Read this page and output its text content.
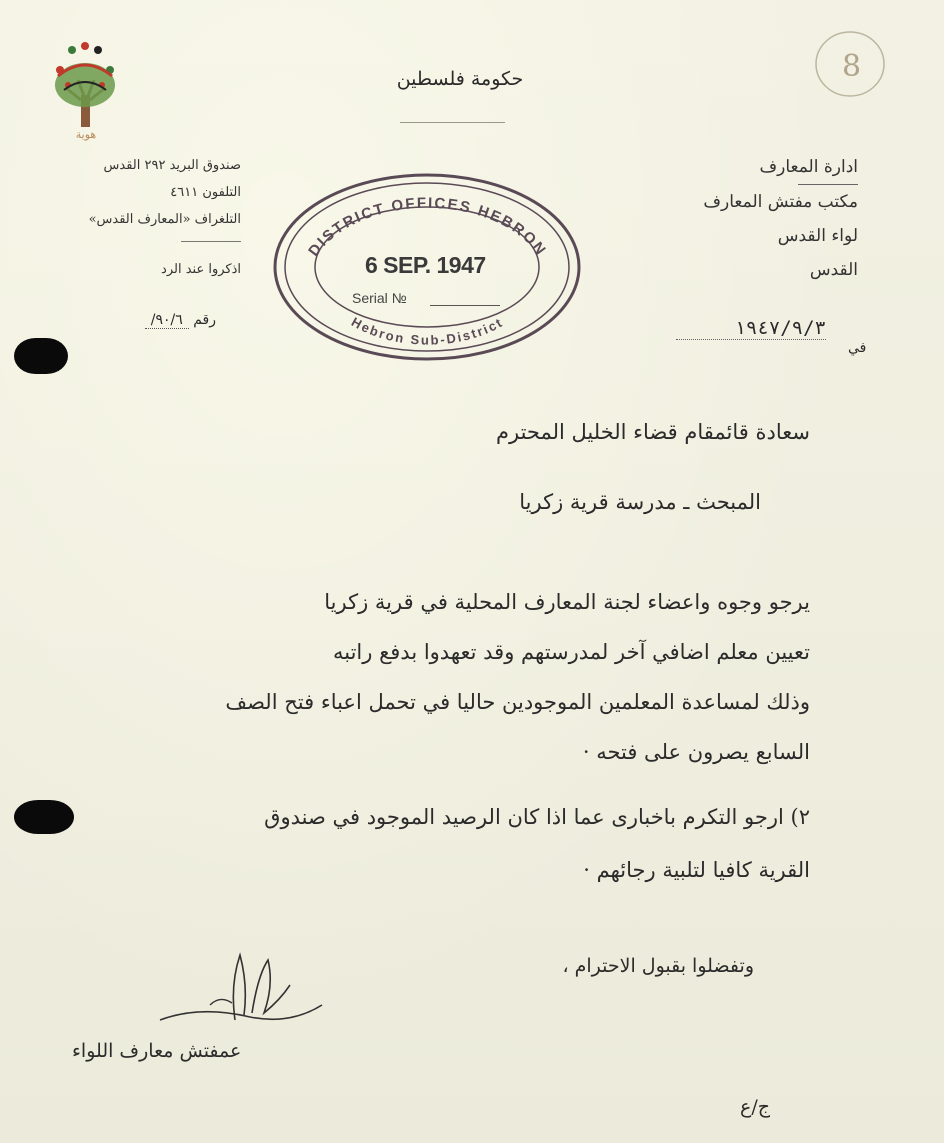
8
هوية
حكومة فلسطين
ادارة المعارف
مكتب مفتش المعارف
لواء القدس
القدس
١٩٤٧/٩/٣
في
صندوق البريد ٢٩٢ القدس
التلفون ٤٦١١
التلغراف «المعارف القدس»
اذكروا عند الرد
رقم ٩٠/٦/
DISTRICT OFFICES HEBRON
Hebron Sub-District
6 SEP. 1947
Serial №
سعادة قائمقام قضاء الخليل المحترم
المبحث ـ مدرسة قرية زكريا
يرجو وجوه واعضاء لجنة المعارف المحلية في قرية زكريا
تعيين معلم اضافي آخر لمدرستهم وقد تعهدوا بدفع راتبه
وذلك لمساعدة المعلمين الموجودين حاليا في تحمل اعباء فتح الصف
السابع يصرون على فتحه ·
٢) ارجو التكرم باخبارى عما اذا كان الرصيد الموجود في صندوق
القرية كافيا لتلبية رجائهم ·
وتفضلوا بقبول الاحترام ،
عمفتش معارف اللواء
ج/ع
